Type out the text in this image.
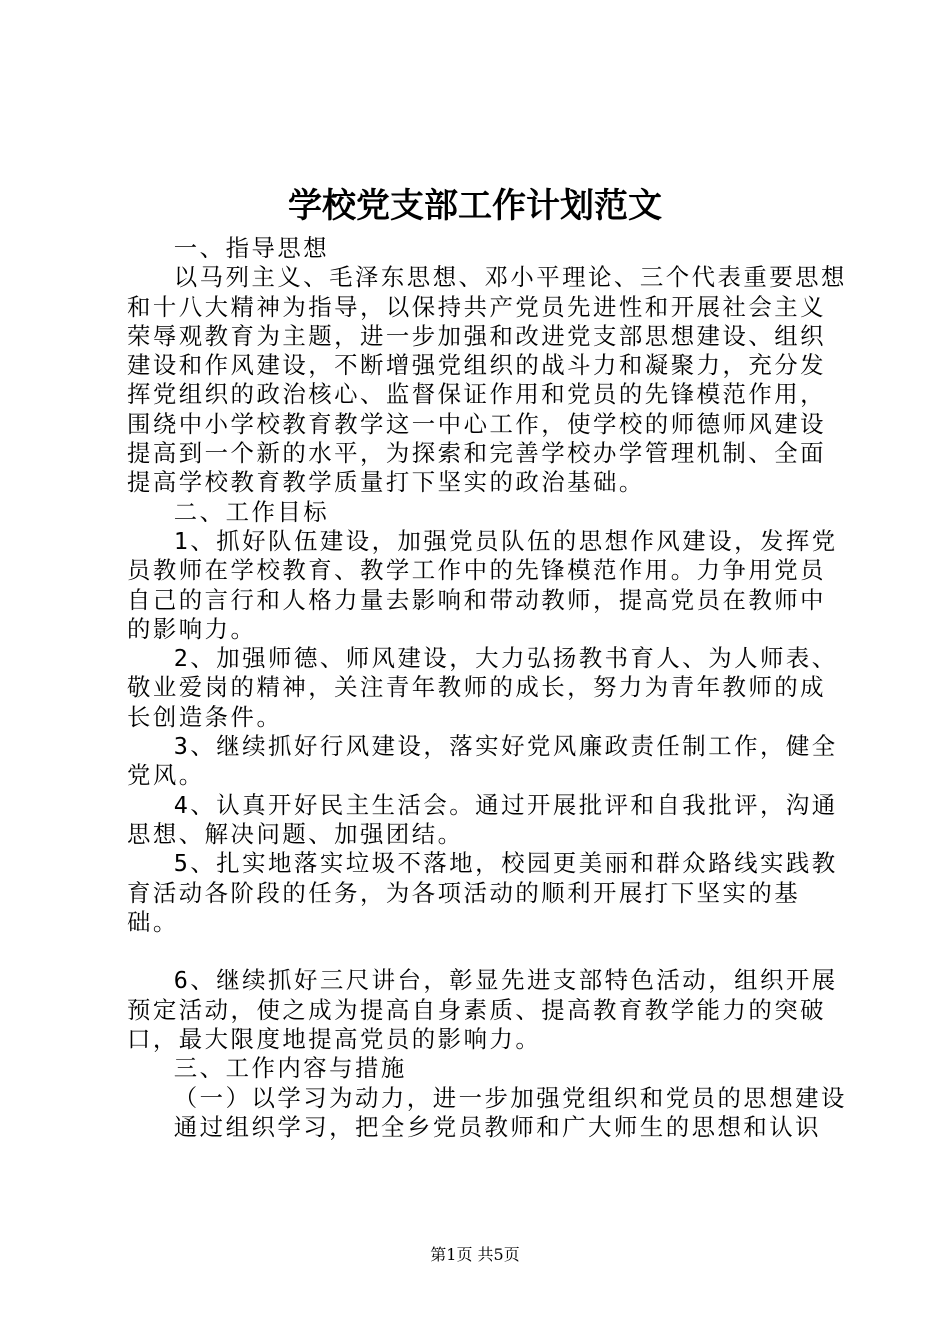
学校党支部工作计划范文

一、指导思想

以马列主义、毛泽东思想、邓小平理论、三个代表重要思想和十八大精神为指导，以保持共产党员先进性和开展社会主义荣辱观教育为主题，进一步加强和改进党支部思想建设、组织建设和作风建设，不断增强党组织的战斗力和凝聚力，充分发挥党组织的政治核心、监督保证作用和党员的先锋模范作用，围绕中小学校教育教学这一中心工作，使学校的师德师风建设提高到一个新的水平，为探索和完善学校办学管理机制、全面提高学校教育教学质量打下坚实的政治基础。

二、工作目标

1、抓好队伍建设，加强党员队伍的思想作风建设，发挥党员教师在学校教育、教学工作中的先锋模范作用。力争用党员自己的言行和人格力量去影响和带动教师，提高党员在教师中的影响力。

2、加强师德、师风建设，大力弘扬教书育人、为人师表、敬业爱岗的精神，关注青年教师的成长，努力为青年教师的成长创造条件。

3、继续抓好行风建设，落实好党风廉政责任制工作，健全党风。

4、认真开好民主生活会。通过开展批评和自我批评，沟通思想、解决问题、加强团结。

5、扎实地落实垃圾不落地，校园更美丽和群众路线实践教育活动各阶段的任务，为各项活动的顺利开展打下坚实的基础。

6、继续抓好三尺讲台，彰显先进支部特色活动，组织开展预定活动，使之成为提高自身素质、提高教育教学能力的突破口，最大限度地提高党员的影响力。

三、工作内容与措施

（一）以学习为动力，进一步加强党组织和党员的思想建设

通过组织学习，把全乡党员教师和广大师生的思想和认识

第1页 共5页
